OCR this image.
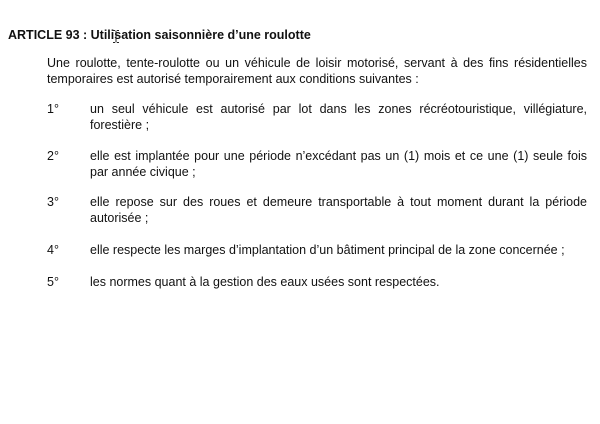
ARTICLE 93 : Utilisation saisonnière d’une roulotte
Une roulotte, tente-roulotte ou un véhicule de loisir motorisé, servant à des fins résidentielles temporaires est autorisé temporairement aux conditions suivantes :
1° un seul véhicule est autorisé par lot dans les zones récréotouristique, villégiature, forestière ;
2° elle est implantée pour une période n’excédant pas un (1) mois et ce une (1) seule fois par année civique ;
3° elle repose sur des roues et demeure transportable à tout moment durant la période autorisée ;
4° elle respecte les marges d’implantation d’un bâtiment principal de la zone concernée ;
5° les normes quant à la gestion des eaux usées sont respectées.
